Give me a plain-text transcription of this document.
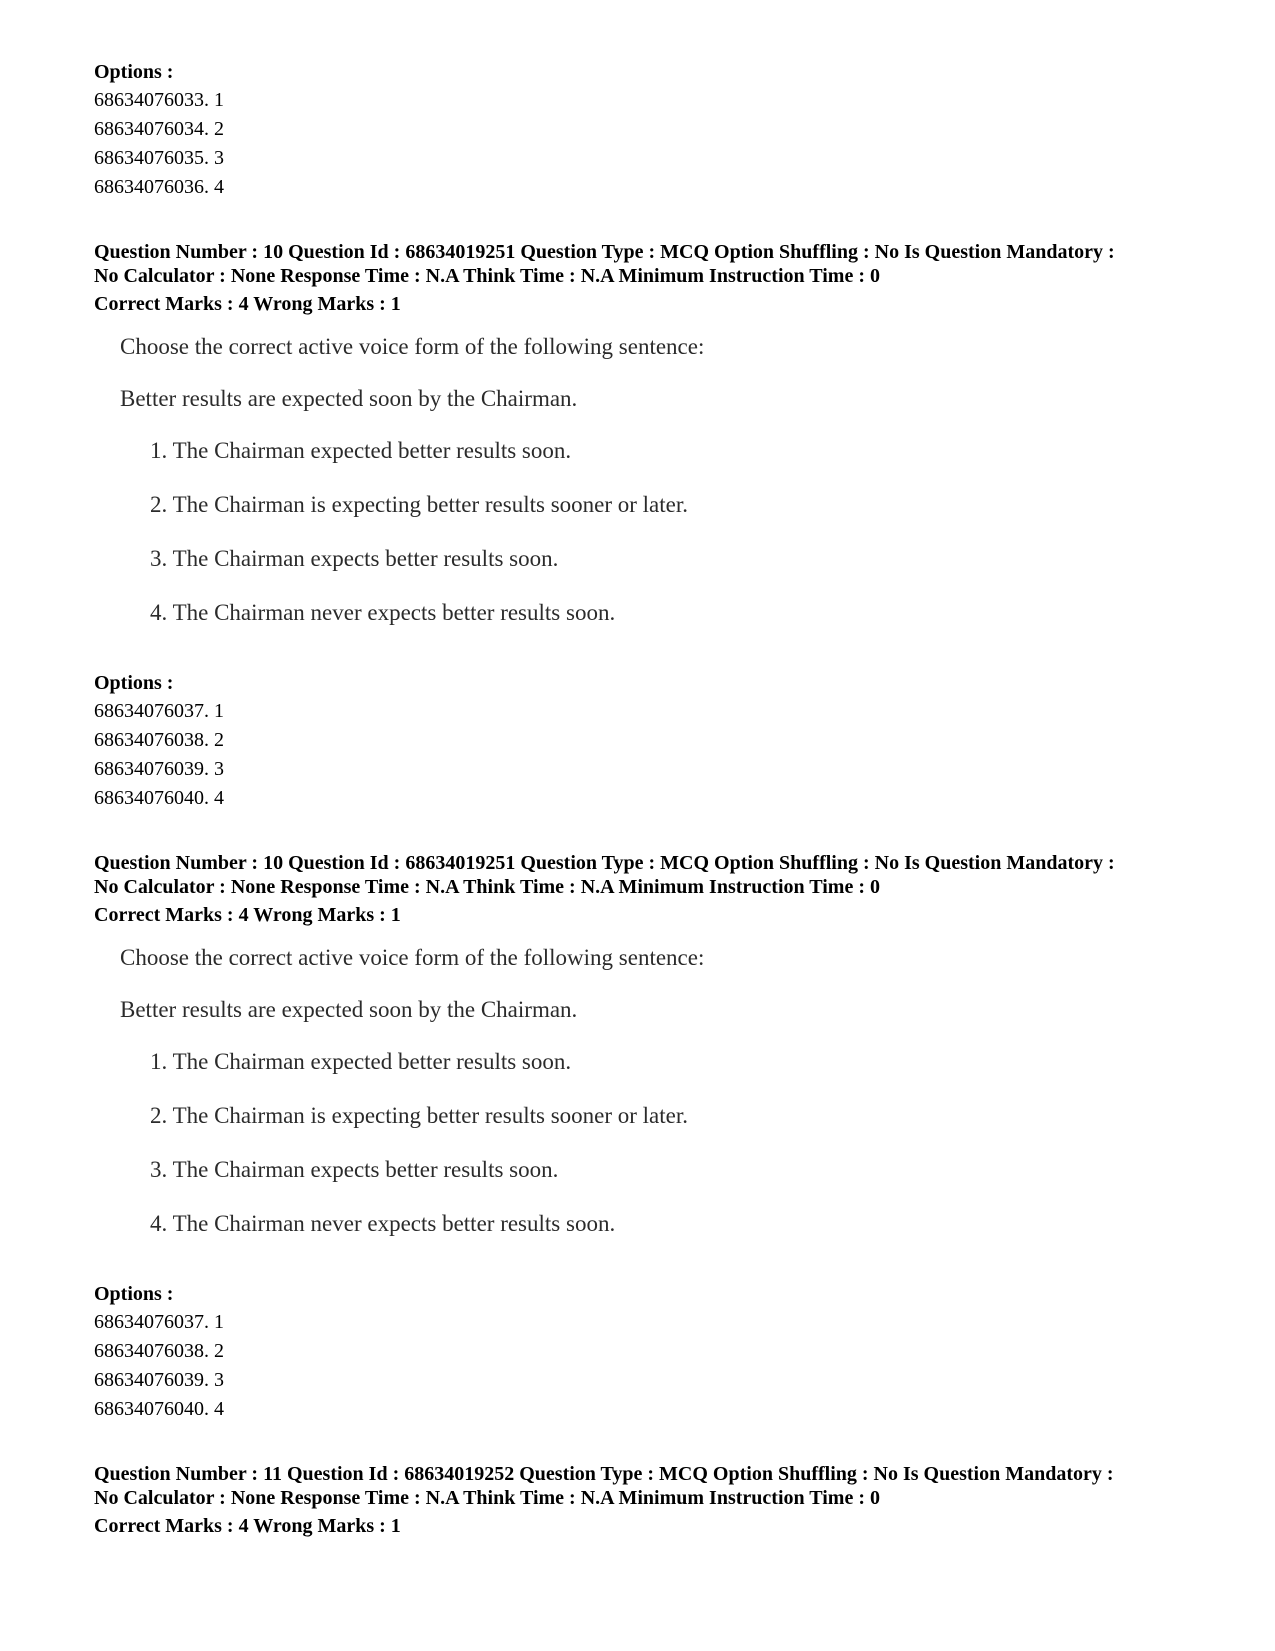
Options :
68634076033. 1
68634076034. 2
68634076035. 3
68634076036. 4
Question Number : 10 Question Id : 68634019251 Question Type : MCQ Option Shuffling : No Is Question Mandatory :
No Calculator : None Response Time : N.A Think Time : N.A Minimum Instruction Time : 0
Correct Marks : 4 Wrong Marks : 1
Choose the correct active voice form of the following sentence:
Better results are expected soon by the Chairman.
1. The Chairman expected better results soon.
2. The Chairman is expecting better results sooner or later.
3. The Chairman expects better results soon.
4. The Chairman never expects better results soon.
Options :
68634076037. 1
68634076038. 2
68634076039. 3
68634076040. 4
Question Number : 10 Question Id : 68634019251 Question Type : MCQ Option Shuffling : No Is Question Mandatory :
No Calculator : None Response Time : N.A Think Time : N.A Minimum Instruction Time : 0
Correct Marks : 4 Wrong Marks : 1
Choose the correct active voice form of the following sentence:
Better results are expected soon by the Chairman.
1. The Chairman expected better results soon.
2. The Chairman is expecting better results sooner or later.
3. The Chairman expects better results soon.
4. The Chairman never expects better results soon.
Options :
68634076037. 1
68634076038. 2
68634076039. 3
68634076040. 4
Question Number : 11 Question Id : 68634019252 Question Type : MCQ Option Shuffling : No Is Question Mandatory :
No Calculator : None Response Time : N.A Think Time : N.A Minimum Instruction Time : 0
Correct Marks : 4 Wrong Marks : 1
